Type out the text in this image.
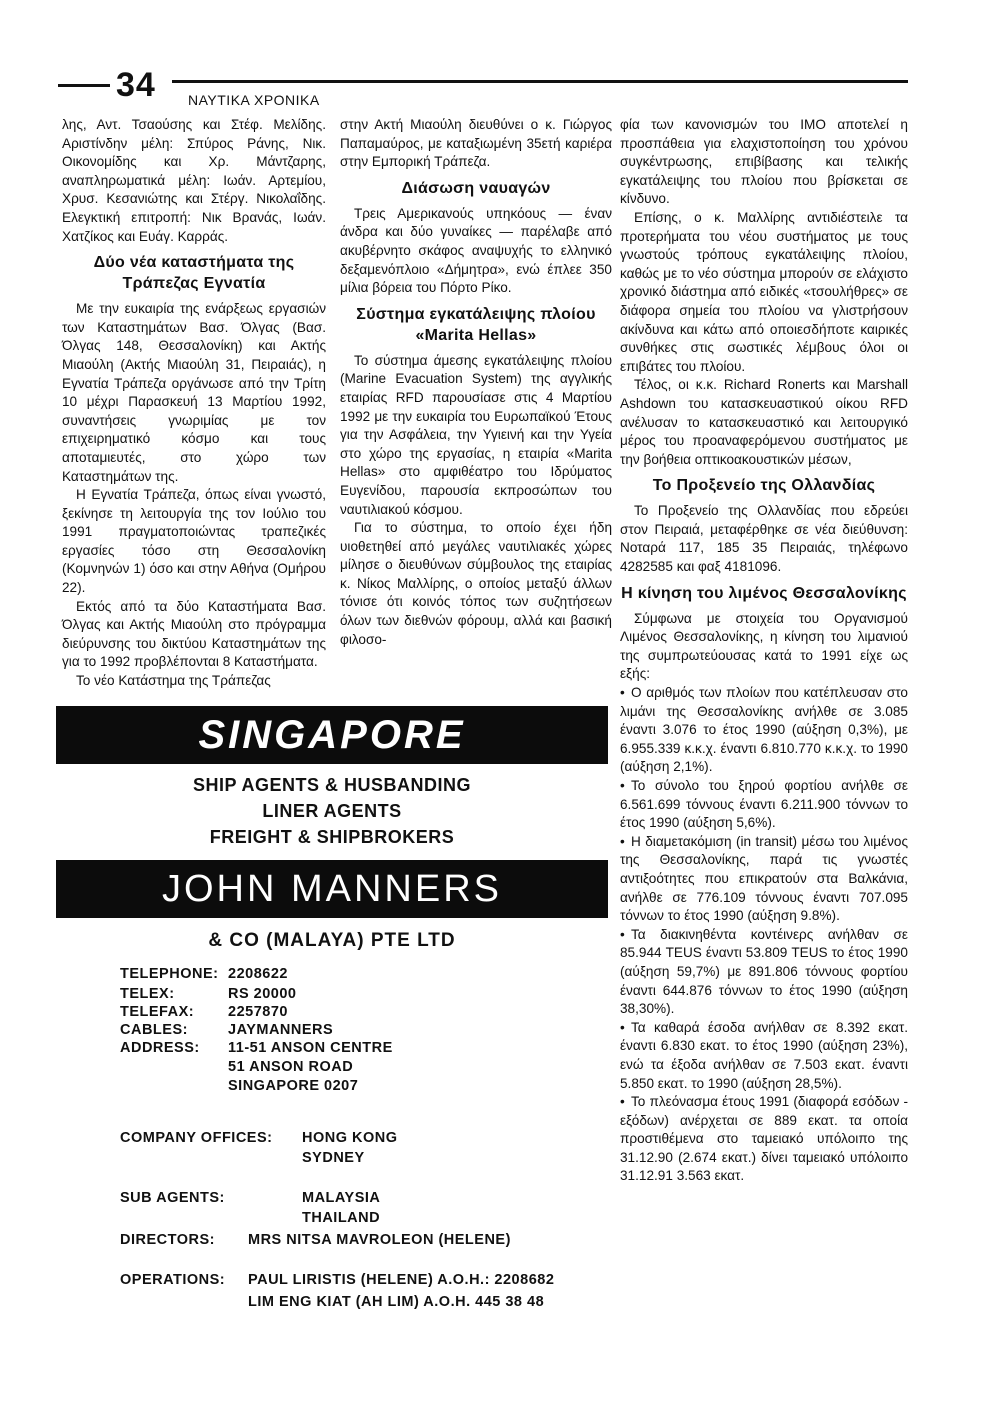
34 ΝΑΥΤΙΚΑ ΧΡΟΝΙΚΑ

λης, Αντ. Τσαούσης και Στέφ. Μελίδης. Αριστίνδην μέλη: Σπύρος Ράνης, Νικ. Οικονομίδης και Χρ. Μάντζαρης, αναπληρωματικά μέλη: Ιωάν. Αρτεμίου, Χρυσ. Κεσανιώτης και Στέργ. Νικολαΐδης. Ελεγκτική επιτροπή: Νικ Βρανάς, Ιωάν. Χατζίκος και Ευάγ. Καρράς.

Δύο νέα καταστήματα της Τράπεζας Εγνατία

Με την ευκαιρία της ενάρξεως εργασιών των Καταστημάτων Βασ. Όλγας (Βασ. Όλγας 148, Θεσσαλονίκη) και Ακτής Μιαούλη (Ακτής Μιαούλη 31, Πειραιάς), η Εγνατία Τράπεζα οργάνωσε από την Τρίτη 10 μέχρι Παρασκευή 13 Μαρτίου 1992, συναντήσεις γνωριμίας με τον επιχειρηματικό κόσμο και τους αποταμιευτές, στο χώρο των Καταστημάτων της.

Η Εγνατία Τράπεζα, όπως είναι γνωστό, ξεκίνησε τη λειτουργία της τον Ιούλιο του 1991 πραγματοποιώντας τραπεζικές εργασίες τόσο στη Θεσσαλονίκη (Κομνηνών 1) όσο και στην Αθήνα (Ομήρου 22).

Εκτός από τα δύο Καταστήματα Βασ. Όλγας και Ακτής Μιαούλη στο πρόγραμμα διεύρυνσης του δικτύου Καταστημάτων της για το 1992 προβλέπονται 8 Καταστήματα.

Το νέο Κατάστημα της Τράπεζας

στην Ακτή Μιαούλη διευθύνει ο κ. Γιώργος Παπαμαύρος, με καταξιωμένη 35ετή καριέρα στην Εμπορική Τράπεζα.

Διάσωση ναυαγών

Τρεις Αμερικανούς υπηκόους — έναν άνδρα και δύο γυναίκες — παρέλαβε από ακυβέρνητο σκάφος αναψυχής το ελληνικό δεξαμενόπλοιο «Δήμητρα», ενώ έπλεε 350 μίλια βόρεια του Πόρτο Ρίκο.

Σύστημα εγκατάλειψης πλοίου «Marita Hellas»

Το σύστημα άμεσης εγκατάλειψης πλοίου (Marine Evacuation System) της αγγλικής εταιρίας RFD παρουσίασε στις 4 Μαρτίου 1992 με την ευκαιρία του Ευρωπαϊκού Έτους για την Ασφάλεια, την Υγιεινή και την Υγεία στο χώρο της εργασίας, η εταιρία «Marita Hellas» στο αμφιθέατρο του Ιδρύματος Ευγενίδου, παρουσία εκπροσώπων του ναυτιλιακού κόσμου.

Για το σύστημα, το οποίο έχει ήδη υιοθετηθεί από μεγάλες ναυτιλιακές χώρες μίλησε ο διευθύνων σύμβουλος της εταιρίας κ. Νίκος Μαλλίρης, ο οποίος μεταξύ άλλων τόνισε ότι κοινός τόπος των συζητήσεων όλων των διεθνών φόρουμ, αλλά και βασική φιλοσο-

φία των κανονισμών του ΙΜΟ αποτελεί η προσπάθεια για ελαχιστοποίηση του χρόνου συγκέντρωσης, επιβίβασης και τελικής εγκατάλειψης του πλοίου που βρίσκεται σε κίνδυνο.

Επίσης, ο κ. Μαλλίρης αντιδιέστειλε τα προτερήματα του νέου συστήματος με τους γνωστούς τρόπους εγκατάλειψης πλοίου, καθώς με το νέο σύστημα μπορούν σε ελάχιστο χρονικό διάστημα από ειδικές «τσουλήθρες» σε διάφορα σημεία του πλοίου να γλιστρήσουν ακίνδυνα και κάτω από οποιεσδήποτε καιρικές συνθήκες στις σωστικές λέμβους όλοι οι επιβάτες του πλοίου.

Τέλος, οι κ.κ. Richard Ronerts και Marshall Ashdown του κατασκευαστικού οίκου RFD ανέλυσαν το κατασκευαστικό και λειτουργικό μέρος του προαναφερόμενου συστήματος με την βοήθεια οπτικοακουστικών μέσων,

Το Προξενείο της Ολλανδίας

Το Προξενείο της Ολλανδίας που εδρεύει στον Πειραιά, μεταφέρθηκε σε νέα διεύθυνση: Νοταρά 117, 185 35 Πειραιάς, τηλέφωνο 4282585 και φαξ 4181096.

Η κίνηση του λιμένος Θεσσαλονίκης

Σύμφωνα με στοιχεία του Οργανισμού Λιμένος Θεσσαλονίκης, η κίνηση του λιμανιού της συμπρωτεύουσας κατά το 1991 είχε ως εξής:

• Ο αριθμός των πλοίων που κατέπλευσαν στο λιμάνι της Θεσσαλονίκης ανήλθε σε 3.085 έναντι 3.076 το έτος 1990 (αύξηση 0,3%), με 6.955.339 κ.κ.χ. έναντι 6.810.770 κ.κ.χ. το 1990 (αύξηση 2,1%).

• Το σύνολο του ξηρού φορτίου ανήλθε σε 6.561.699 τόννους έναντι 6.211.900 τόννων το έτος 1990 (αύξηση 5,6%).

• Η διαμετακόμιση (in transit) μέσω του λιμένος της Θεσσαλονίκης, παρά τις γνωστές αντιξοότητες που επικρατούν στα Βαλκάνια, ανήλθε σε 776.109 τόννους έναντι 707.095 τόννων το έτος 1990 (αύξηση 9.8%).

• Τα διακινηθέντα κοντέινερς ανήλθαν σε 85.944 TEUS έναντι 53.809 TEUS το έτος 1990 (αύξηση 59,7%) με 891.806 τόννους φορτίου έναντι 644.876 τόννων το έτος 1990 (αύξηση 38,30%).

• Τα καθαρά έσοδα ανήλθαν σε 8.392 εκατ. έναντι 6.830 εκατ. το έτος 1990 (αύξηση 23%), ενώ τα έξοδα ανήλθαν σε 7.503 εκατ. έναντι 5.850 εκατ. το 1990 (αύξηση 28,5%).

• Το πλεόνασμα έτους 1991 (διαφορά εσόδων - εξόδων) ανέρχεται σε 889 εκατ. τα οποία προστιθέμενα στο ταμειακό υπόλοιπο της 31.12.90 (2.674 εκατ.) δίνει ταμειακό υπόλοιπο 31.12.91 3.563 εκατ.

SINGAPORE
SHIP AGENTS & HUSBANDING
LINER AGENTS
FREIGHT & SHIPBROKERS
JOHN MANNERS
& CO (MALAYA) PTE LTD
TELEPHONE: 2208622
TELEX:	RS 20000
TELEFAX: 2257870
CABLES:	JAYMANNERS
ADDRESS: 11-51 ANSON CENTRE
51 ANSON ROAD
SINGAPORE 0207
COMPANY OFFICES: HONG KONG
SYDNEY
SUB AGENTS:	MALAYSIA
THAILAND
DIRECTORS: MRS NITSA MAVROLEON (HELENE)
OPERATIONS: PAUL LIRISTIS (HELENE) A.O.H.: 2208682
LIM ENG KIAT (AH LIM) A.O.H. 445 38 48
